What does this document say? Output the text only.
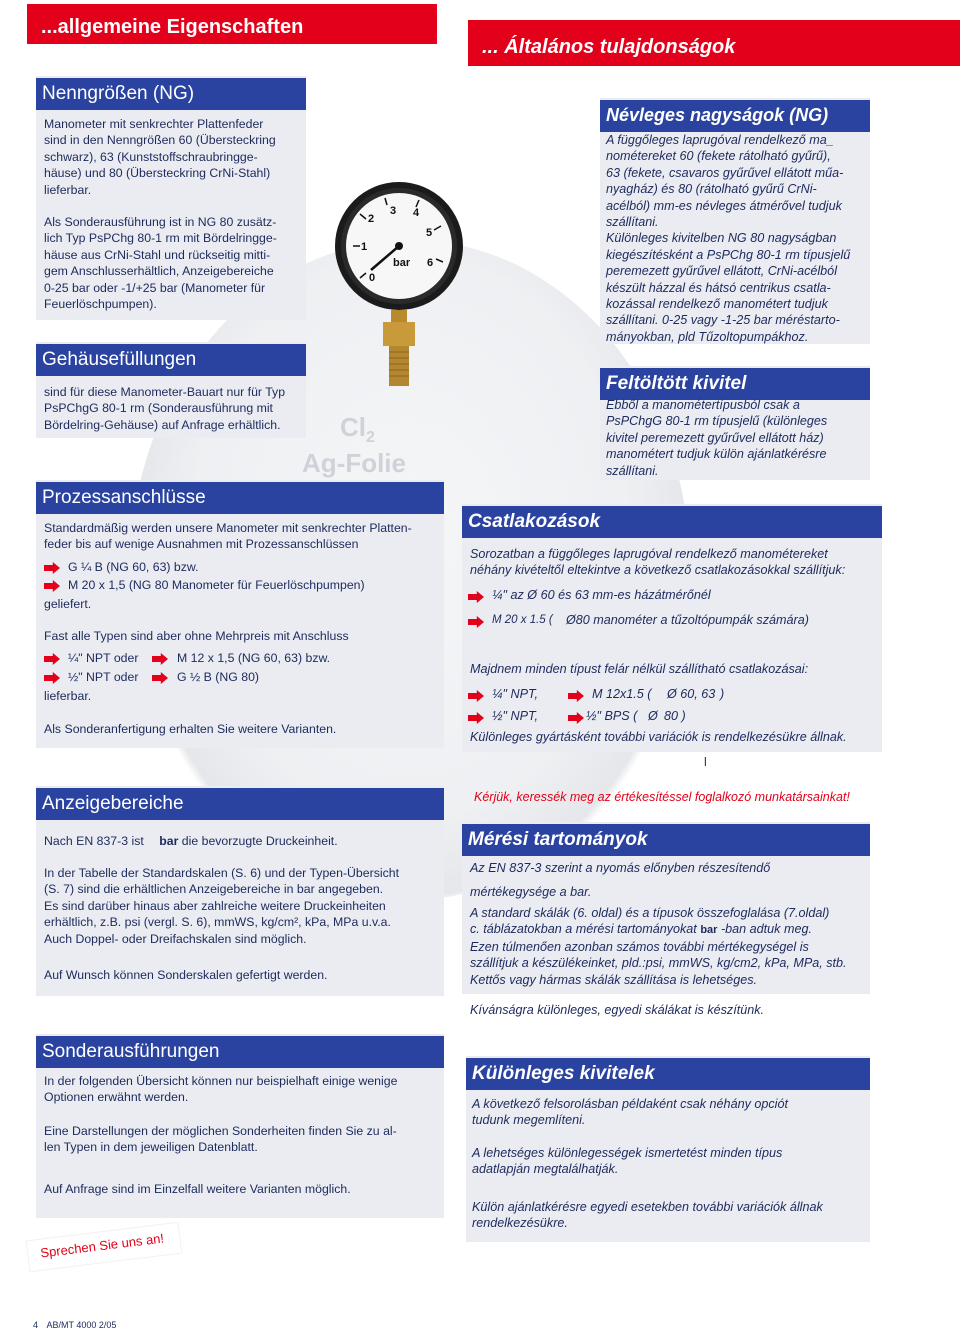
$Cl_2$
Ag-Folie
...allgemeine Eigenschaften
... Általános tulajdonságok
Nenngrößen (NG)
Manometer mit senkrechter Plattenfeder
sind in den Nenngrößen 60 (Übersteckring
schwarz), 63 (Kunststoffschraubringge-
häuse) und 80 (Übersteckring CrNi-Stahl)
lieferbar.
Als Sonderausführung ist in NG 80 zusätz-
lich Typ PsPChg 80-1 rm mit Bördelringge-
häuse aus CrNi-Stahl und rückseitig mitti-
gem Anschlusserhältlich, Anzeigebereiche
0-25 bar oder -1/+25 bar (Manometer für
Feuerlöschpumpen).
Gehäusefüllungen
sind für diese Manometer-Bauart nur für Typ
PsPChgG 80-1 rm (Sonderausführung mit
Bördelring-Gehäuse) auf Anfrage erhältlich.
Prozessanschlüsse
Standardmäßig werden unsere Manometer mit senkrechter Platten-
feder bis auf wenige Ausnahmen mit Prozessanschlüssen
G ¼ B (NG 60, 63) bzw.
M 20 x 1,5 (NG 80 Manometer für Feuerlöschpumpen)
geliefert.
Fast alle Typen sind aber ohne Mehrpreis mit Anschluss
¼" NPT oder	M 12 x 1,5 (NG 60, 63) bzw.
½" NPT oder	G ½ B (NG 80)
lieferbar.
Als Sonderanfertigung erhalten Sie weitere Varianten.
Anzeigebereiche
Nach EN 837-3 ist bar die bevorzugte Druckeinheit.
In der Tabelle der Standardskalen (S. 6) und der Typen-Übersicht
(S. 7) sind die erhältlichen Anzeigebereiche in bar angegeben.
Es sind darüber hinaus aber zahlreiche weitere Druckeinheiten
erhältlich, z.B. psi (vergl. S. 6), mmWS, kg/cm², kPa, MPa u.v.a.
Auch Doppel- oder Dreifachskalen sind möglich.
Auf Wunsch können Sonderskalen gefertigt werden.
Sonderausführungen
In der folgenden Übersicht können nur beispielhaft einige wenige
Optionen erwähnt werden.
Eine Darstellungen der möglichen Sonderheiten finden Sie zu al-
len Typen in dem jeweiligen Datenblatt.
Auf Anfrage sind im Einzelfall weitere Varianten möglich.
Sprechen Sie uns an!
0
1
2
3 4
5
6
bar
Névleges nagyságok (NG)
A függőleges laprugóval rendelkező ma_
nométereket 60 (fekete rátolható gyűrű),
63 (fekete, csavaros gyűrűvel ellátott műa-
nyagház) és 80 (rátolható gyűrű CrNi-
acélból) mm-es névleges átmérővel tudjuk
szállítani.
Különleges kivitelben NG 80 nagyságban
kiegészítésként a PsPChg 80-1 rm típusjelű
peremezett gyűrűvel ellátott, CrNi-acélból
készült házzal és hátsó centrikus csatla-
kozással rendelkező manométert tudjuk
szállítani. 0-25 vagy -1-25 bar méréstarto-
mányokban, pld Tűzoltopumpákhoz.
Feltöltött kivitel
Ebből a manométertípusból csak a
PsPChgG 80-1 rm típusjelű (különleges
kivitel peremezett gyűrűvel ellátott ház)
manométert tudjuk külön ajánlatkérésre
szállítani.
Csatlakozások
Sorozatban a függőleges laprugóval rendelkező manométereket
néhány kivételtől eltekintve a következő csatlakozásokkal szállítjuk:
¼" az Ø 60 és 63 mm-es házátmérőnél
M 20 x 1.5 ( Ø80 manométer a tűzoltópumpák számára)
Majdnem minden típust felár nélkül szállítható csatlakozásai:
¼" NPT,	M 12x1.5 ( Ø 60, 63 )
½" NPT,	½" BPS ( Ø 80 )
Különleges gyártásként további variációk is rendelkezésükre állnak.
l
Kérjük, keressék meg az értékesítéssel foglalkozó munkatársainkat!
Mérési tartományok
Az EN 837-3 szerint a nyomás előnyben részesítendő
mértékegysége a bar.
A standard skálák (6. oldal) és a típusok összefoglalása (7.oldal)
c. táblázatokban a mérési tartományokat bar -ban adtuk meg.
Ezen túlmenően azonban számos további mértékegységel is
szállítjuk a készülékeinket, pld.:psi, mmWS, kg/cm2, kPa, MPa, stb.
Kettős vagy hármas skálák szállítása is lehetséges.
Kívánságra különleges, egyedi skálákat is készítünk.
Különleges kivitelek
A következő felsorolásban példaként csak néhány opciót
tudunk megemlíteni.
A lehetséges különlegességek ismertetést minden típus
adatlapján megtalálhatják.
Külön ajánlatkérésre egyedi esetekben további variációk állnak
rendelkezésükre.
4 AB/MT 4000 2/05
